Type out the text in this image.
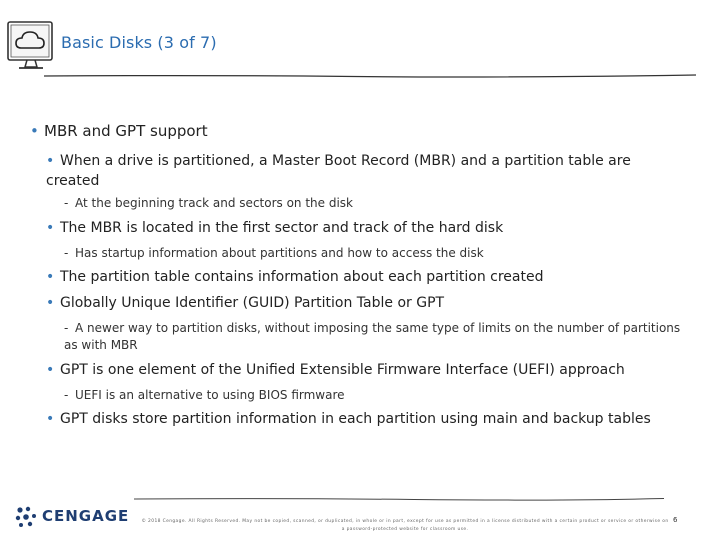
Basic Disks (3 of 7)
• MBR and GPT support
• When a drive is partitioned, a Master Boot Record (MBR) and a partition table are created
- At the beginning track and sectors on the disk
• The MBR is located in the first sector and track of the hard disk
- Has startup information about partitions and how to access the disk
• The partition table contains information about each partition created
• Globally Unique Identifier (GUID) Partition Table or GPT
- A newer way to partition disks, without imposing the same type of limits on the number of partitions as with MBR
• GPT is one element of the Unified Extensible Firmware Interface (UEFI) approach
- UEFI is an alternative to using BIOS firmware
• GPT disks store partition information in each partition using main and backup tables
CENGAGE	© 2018 Cengage. All Rights Reserved. May not be copied, scanned, or duplicated, in whole or in part, except for use as permitted in a license distributed with a certain product or service or otherwise on a password-protected website for classroom use.
6
